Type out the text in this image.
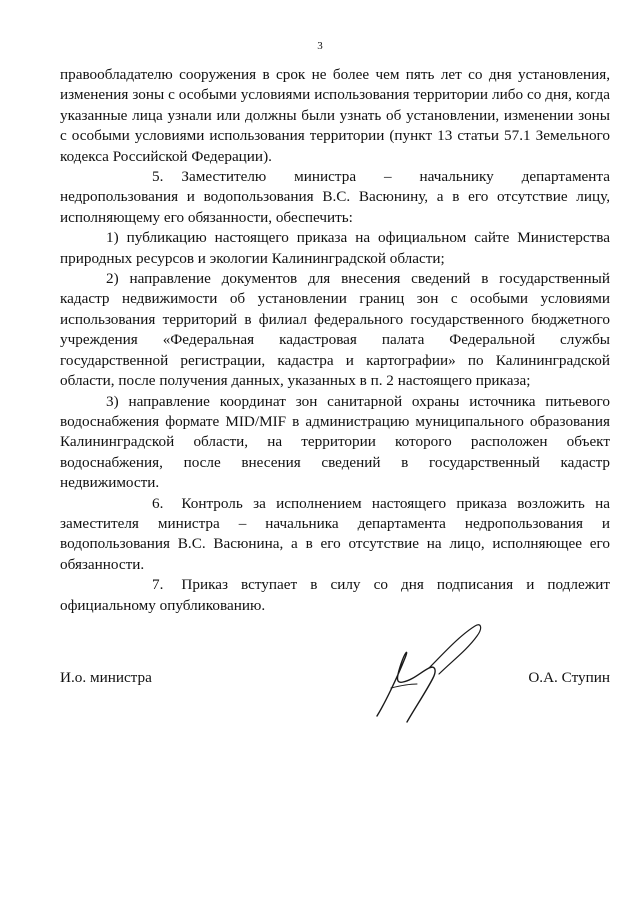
3

правообладателю сооружения в срок не более чем пять лет со дня установления, изменения зоны с особыми условиями использования территории либо со дня, когда указанные лица узнали или должны были узнать об установлении, изменении зоны с особыми условиями использования территории (пункт 13 статьи 57.1 Земельного кодекса Российской Федерации).

5. Заместителю министра – начальнику департамента недропользования и водопользования В.С. Васюнину, а в его отсутствие лицу, исполняющему его обязанности, обеспечить:

1) публикацию настоящего приказа на официальном сайте Министерства природных ресурсов и экологии Калининградской области;

2) направление документов для внесения сведений в государственный кадастр недвижимости об установлении границ зон с особыми условиями использования территорий в филиал федерального государственного бюджетного учреждения «Федеральная кадастровая палата Федеральной службы государственной регистрации, кадастра и картографии» по Калининградской области, после получения данных, указанных в п. 2 настоящего приказа;

3) направление координат зон санитарной охраны источника питьевого водоснабжения формате MID/MIF в администрацию муниципального образования Калининградской области, на территории которого расположен объект водоснабжения, после внесения сведений в государственный кадастр недвижимости.

6. Контроль за исполнением настоящего приказа возложить на заместителя министра – начальника департамента недропользования и водопользования В.С. Васюнина, а в его отсутствие на лицо, исполняющее его обязанности.

7. Приказ вступает в силу со дня подписания и подлежит официальному опубликованию.

И.о. министра	О.А. Ступин
